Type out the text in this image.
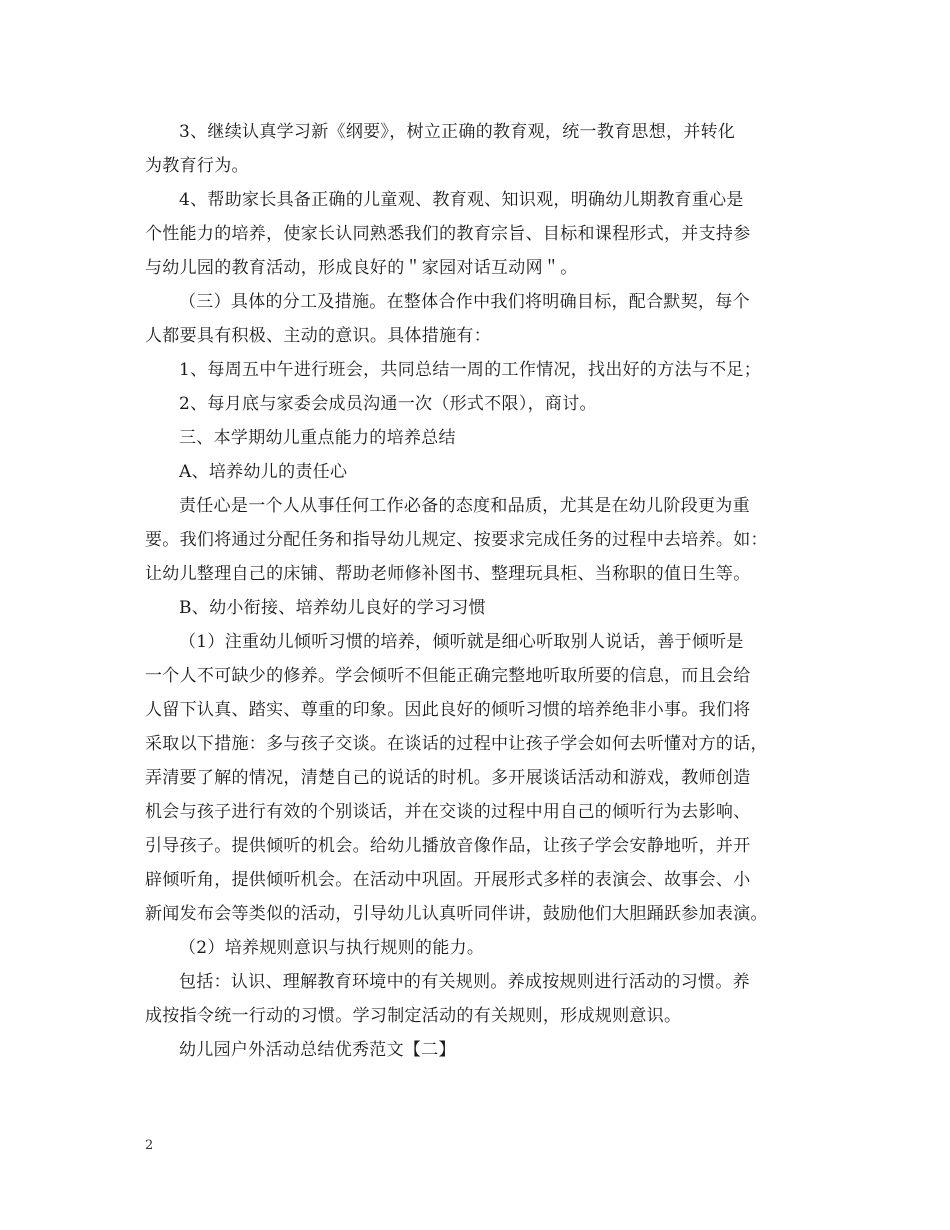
3、继续认真学习新《纲要》，树立正确的教育观，统一教育思想，并转化
为教育行为。
4、帮助家长具备正确的儿童观、教育观、知识观，明确幼儿期教育重心是
个性能力的培养，使家长认同熟悉我们的教育宗旨、目标和课程形式，并支持参
与幼儿园的教育活动，形成良好的＂家园对话互动网＂。
（三）具体的分工及措施。在整体合作中我们将明确目标，配合默契，每个
人都要具有积极、主动的意识。具体措施有：
1、每周五中午进行班会，共同总结一周的工作情况，找出好的方法与不足；
2、每月底与家委会成员沟通一次（形式不限），商讨。
三、本学期幼儿重点能力的培养总结
A、培养幼儿的责任心
责任心是一个人从事任何工作必备的态度和品质，尤其是在幼儿阶段更为重
要。我们将通过分配任务和指导幼儿规定、按要求完成任务的过程中去培养。如：
让幼儿整理自己的床铺、帮助老师修补图书、整理玩具柜、当称职的值日生等。
B、幼小衔接、培养幼儿良好的学习习惯
（1）注重幼儿倾听习惯的培养，倾听就是细心听取别人说话，善于倾听是
一个人不可缺少的修养。学会倾听不但能正确完整地听取所要的信息，而且会给
人留下认真、踏实、尊重的印象。因此良好的倾听习惯的培养绝非小事。我们将
采取以下措施：多与孩子交谈。在谈话的过程中让孩子学会如何去听懂对方的话，
弄清要了解的情况，清楚自己的说话的时机。多开展谈话活动和游戏，教师创造
机会与孩子进行有效的个别谈话，并在交谈的过程中用自己的倾听行为去影响、
引导孩子。提供倾听的机会。给幼儿播放音像作品，让孩子学会安静地听，并开
辟倾听角，提供倾听机会。在活动中巩固。开展形式多样的表演会、故事会、小
新闻发布会等类似的活动，引导幼儿认真听同伴讲，鼓励他们大胆踊跃参加表演。
（2）培养规则意识与执行规则的能力。
包括：认识、理解教育环境中的有关规则。养成按规则进行活动的习惯。养
成按指令统一行动的习惯。学习制定活动的有关规则，形成规则意识。
幼儿园户外活动总结优秀范文【二】
2
